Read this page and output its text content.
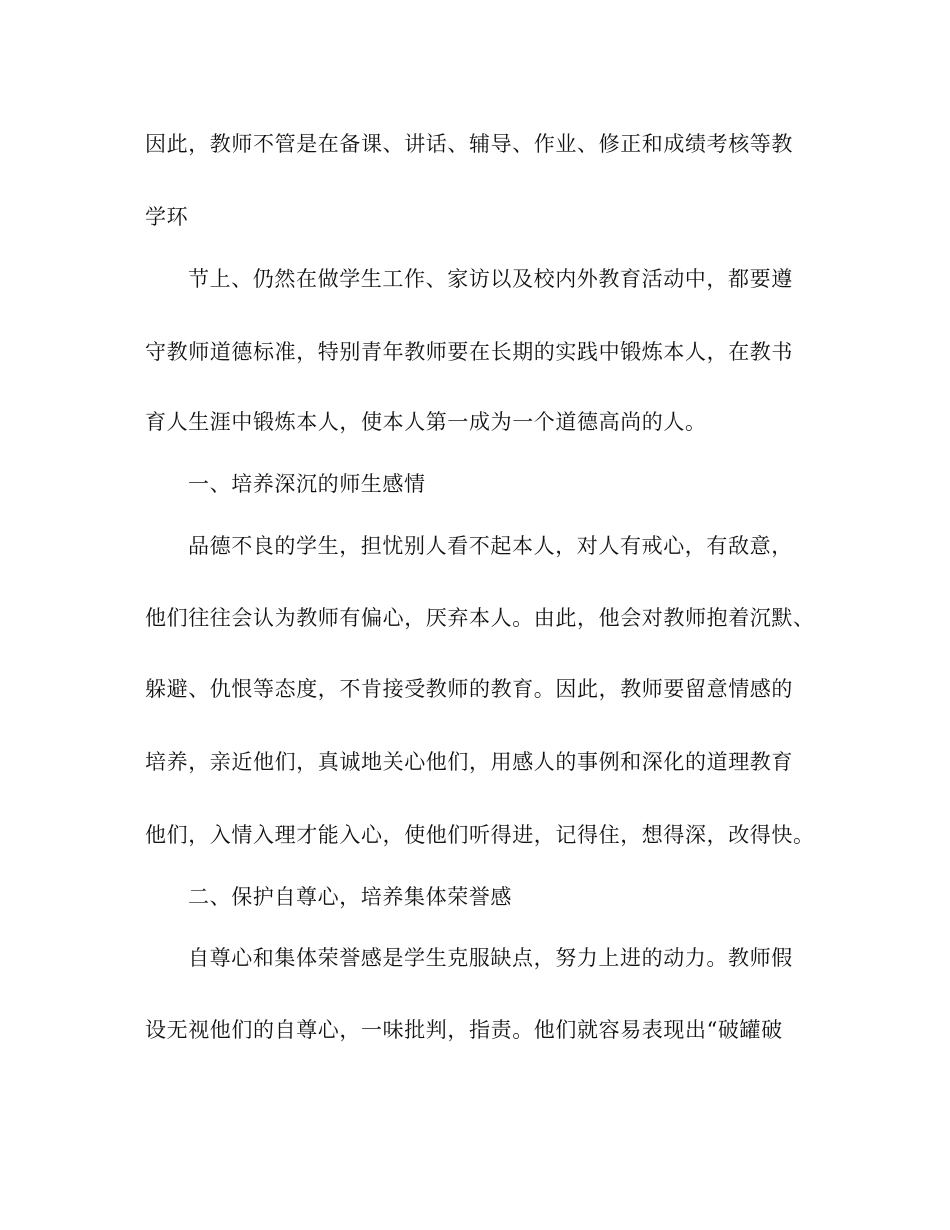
因此，教师不管是在备课、讲话、辅导、作业、修正和成绩考核等教
学环
节上、仍然在做学生工作、家访以及校内外教育活动中，都要遵
守教师道德标准，特别青年教师要在长期的实践中锻炼本人，在教书
育人生涯中锻炼本人，使本人第一成为一个道德高尚的人。
一、培养深沉的师生感情
品德不良的学生，担忧别人看不起本人，对人有戒心，有敌意，
他们往往会认为教师有偏心，厌弃本人。由此，他会对教师抱着沉默、
躲避、仇恨等态度，不肯接受教师的教育。因此，教师要留意情感的
培养，亲近他们，真诚地关心他们，用感人的事例和深化的道理教育
他们，入情入理才能入心，使他们听得进，记得住，想得深，改得快。
二、保护自尊心，培养集体荣誉感
自尊心和集体荣誉感是学生克服缺点，努力上进的动力。教师假
设无视他们的自尊心，一味批判，指责。他们就容易表现出“破罐破
